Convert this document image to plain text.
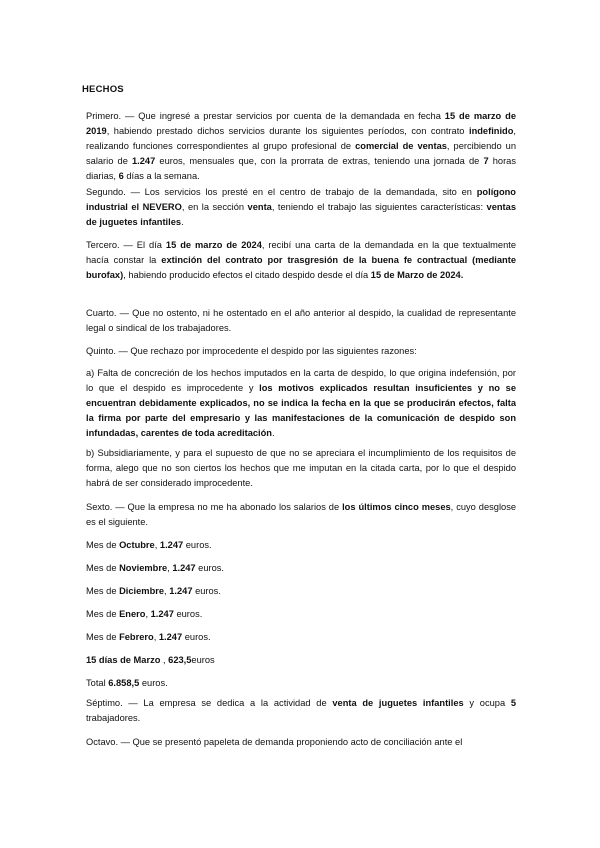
HECHOS

Primero. — Que ingresé a prestar servicios por cuenta de la demandada en fecha 15 de marzo de 2019, habiendo prestado dichos servicios durante los siguientes períodos, con contrato indefinido, realizando funciones correspondientes al grupo profesional de comercial de ventas, percibiendo un salario de 1.247 euros, mensuales que, con la prorrata de extras, teniendo una jornada de 7 horas diarias, 6 días a la semana.

Segundo. — Los servicios los presté en el centro de trabajo de la demandada, sito en polígono industrial el NEVERO, en la sección venta, teniendo el trabajo las siguientes características: ventas de juguetes infantiles.

Tercero. — El día 15 de marzo de 2024, recibí una carta de la demandada en la que textualmente hacía constar la extinción del contrato por trasgresión de la buena fe contractual (mediante burofax), habiendo producido efectos el citado despido desde el día 15 de Marzo de 2024.

Cuarto. — Que no ostento, ni he ostentado en el año anterior al despido, la cualidad de representante legal o sindical de los trabajadores.

Quinto. — Que rechazo por improcedente el despido por las siguientes razones:

a) Falta de concreción de los hechos imputados en la carta de despido, lo que origina indefensión, por lo que el despido es improcedente y los motivos explicados resultan insuficientes y no se encuentran debidamente explicados, no se indica la fecha en la que se producirán efectos, falta la firma por parte del empresario y las manifestaciones de la comunicación de despido son infundadas, carentes de toda acreditación.

b) Subsidiariamente, y para el supuesto de que no se apreciara el incumplimiento de los requisitos de forma, alego que no son ciertos los hechos que me imputan en la citada carta, por lo que el despido habrá de ser considerado improcedente.

Sexto. — Que la empresa no me ha abonado los salarios de los últimos cinco meses, cuyo desglose es el siguiente.

Mes de Octubre, 1.247 euros.

Mes de Noviembre, 1.247 euros.

Mes de Diciembre, 1.247 euros.

Mes de Enero, 1.247 euros.

Mes de Febrero, 1.247 euros.

15 días de Marzo , 623,5euros

Total 6.858,5 euros.

Séptimo. — La empresa se dedica a la actividad de venta de juguetes infantiles y ocupa 5 trabajadores.

Octavo. — Que se presentó papeleta de demanda proponiendo acto de conciliación ante el
